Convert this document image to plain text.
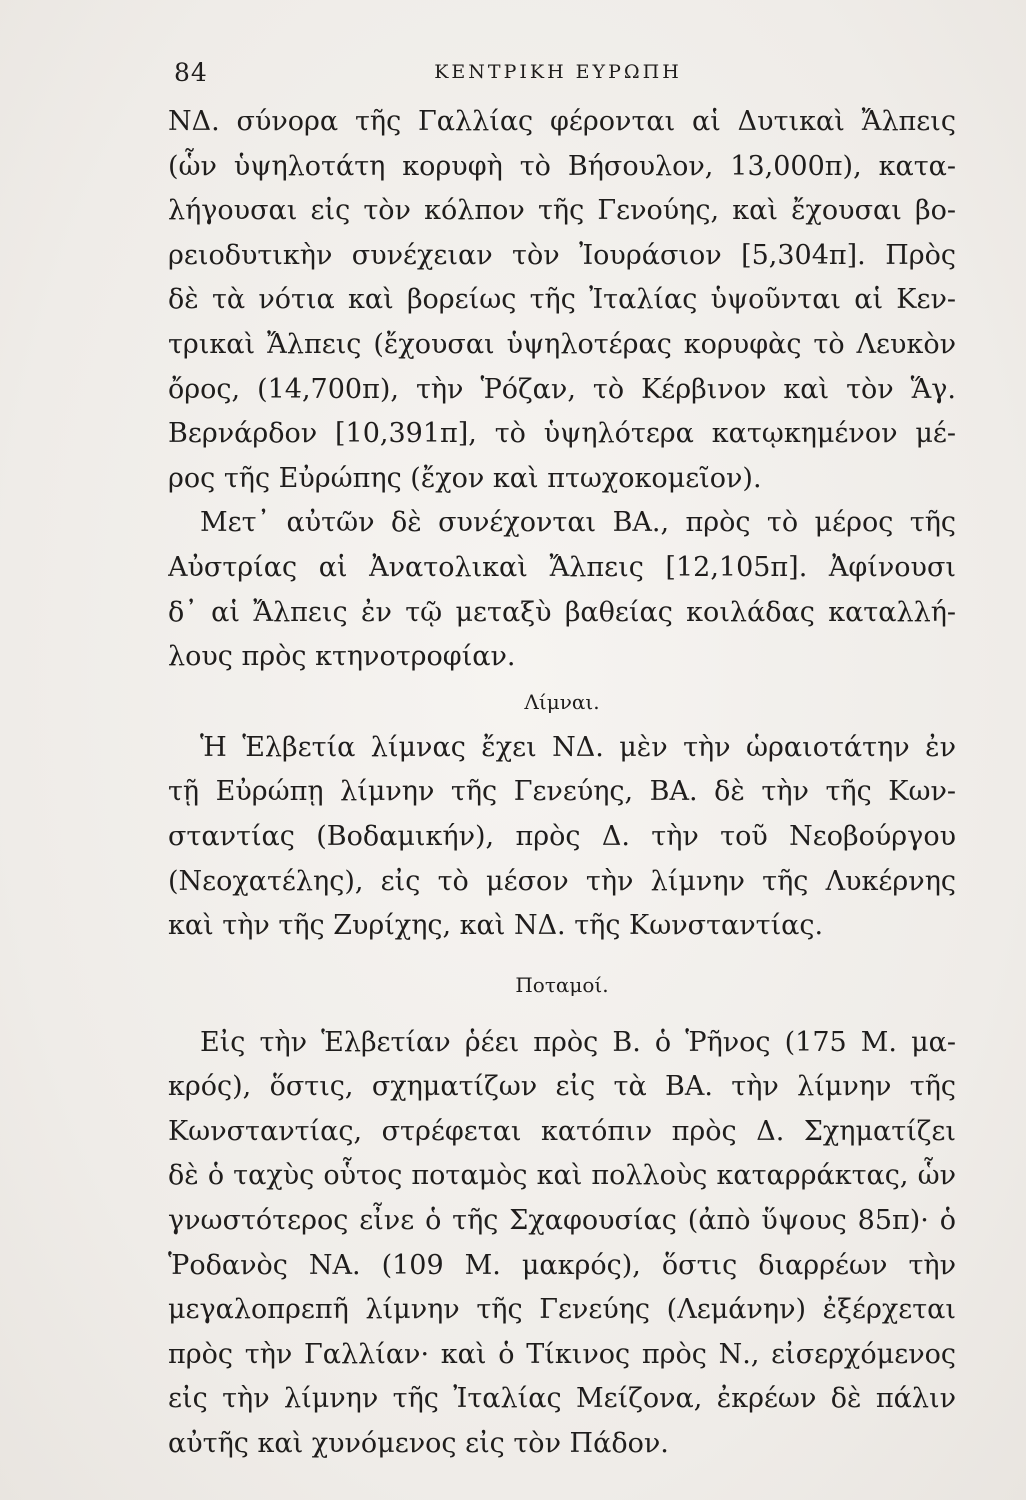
84	ΚΕΝΤΡΙΚΗ ΕΥΡΩΠΗ
ΝΔ. σύνορα τῆς Γαλλίας φέρονται αἱ Δυτικαὶ Ἄλπεις
(ὧν ὑψηλοτάτη κορυφὴ τὸ Βήσουλον, 13,000π), κατα-
λήγουσαι εἰς τὸν κόλπον τῆς Γενούης, καὶ ἔχουσαι βο-
ρειοδυτικὴν συνέχειαν τὸν Ἰουράσιον [5,304π]. Πρὸς
δὲ τὰ νότια καὶ βορείως τῆς Ἰταλίας ὑψοῦνται αἱ Κεν-
τρικαὶ Ἄλπεις (ἔχουσαι ὑψηλοτέρας κορυφὰς τὸ Λευκὸν
ὄρος, (14,700π), τὴν Ῥόζαν, τὸ Κέρβινον καὶ τὸν Ἅγ.
Βερνάρδον [10,391π], τὸ ὑψηλότερα κατῳκημένον μέ-
ρος τῆς Εὐρώπης (ἔχον καὶ πτωχοκομεῖον).
Μετ᾽ αὐτῶν δὲ συνέχονται ΒΑ., πρὸς τὸ μέρος τῆς
Αὐστρίας αἱ Ἀνατολικαὶ Ἄλπεις [12,105π]. Ἀφίνουσι
δ᾽ αἱ Ἄλπεις ἐν τῷ μεταξὺ βαθείας κοιλάδας καταλλή-
λους πρὸς κτηνοτροφίαν.
Λίμναι.
Ἡ Ἑλβετία λίμνας ἔχει ΝΔ. μὲν τὴν ὡραιοτάτην ἐν
τῇ Εὐρώπῃ λίμνην τῆς Γενεύης, ΒΑ. δὲ τὴν τῆς Κων-
σταντίας (Βοδαμικήν), πρὸς Δ. τὴν τοῦ Νεοβούργου
(Νεοχατέλης), εἰς τὸ μέσον τὴν λίμνην τῆς Λυκέρνης
καὶ τὴν τῆς Ζυρίχης, καὶ ΝΔ. τῆς Κωνσταντίας.
Ποταμοί.
Εἰς τὴν Ἑλβετίαν ῥέει πρὸς Β. ὁ Ῥῆνος (175 Μ. μα-
κρός), ὅστις, σχηματίζων εἰς τὰ ΒΑ. τὴν λίμνην τῆς
Κωνσταντίας, στρέφεται κατόπιν πρὸς Δ. Σχηματίζει
δὲ ὁ ταχὺς οὗτος ποταμὸς καὶ πολλοὺς καταρράκτας, ὧν
γνωστότερος εἶνε ὁ τῆς Σχαφουσίας (ἀπὸ ὕψους 85π)· ὁ
Ῥοδανὸς ΝΑ. (109 Μ. μακρός), ὅστις διαρρέων τὴν
μεγαλοπρεπῆ λίμνην τῆς Γενεύης (Λεμάνην) ἐξέρχεται
πρὸς τὴν Γαλλίαν· καὶ ὁ Τίκινος πρὸς Ν., εἰσερχόμενος
εἰς τὴν λίμνην τῆς Ἰταλίας Μείζονα, ἐκρέων δὲ πάλιν
αὐτῆς καὶ χυνόμενος εἰς τὸν Πάδον.
